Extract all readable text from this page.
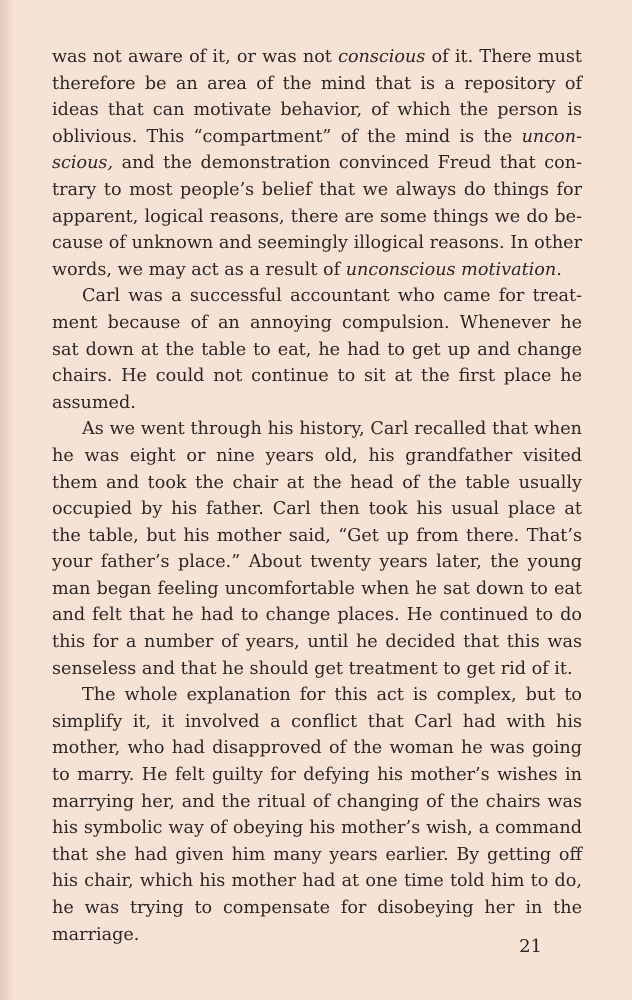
was not aware of it, or was not conscious of it. There must therefore be an area of the mind that is a repository of ideas that can motivate behavior, of which the person is oblivious. This “compartment” of the mind is the unconscious, and the demonstration convinced Freud that contrary to most people’s belief that we always do things for apparent, logical reasons, there are some things we do because of unknown and seemingly illogical reasons. In other words, we may act as a result of unconscious motivation.

Carl was a successful accountant who came for treatment because of an annoying compulsion. Whenever he sat down at the table to eat, he had to get up and change chairs. He could not continue to sit at the first place he assumed.

As we went through his history, Carl recalled that when he was eight or nine years old, his grandfather visited them and took the chair at the head of the table usually occupied by his father. Carl then took his usual place at the table, but his mother said, “Get up from there. That’s your father’s place.” About twenty years later, the young man began feeling uncomfortable when he sat down to eat and felt that he had to change places. He continued to do this for a number of years, until he decided that this was senseless and that he should get treatment to get rid of it.

The whole explanation for this act is complex, but to simplify it, it involved a conflict that Carl had with his mother, who had disapproved of the woman he was going to marry. He felt guilty for defying his mother’s wishes in marrying her, and the ritual of changing of the chairs was his symbolic way of obeying his mother’s wish, a command that she had given him many years earlier. By getting off his chair, which his mother had at one time told him to do, he was trying to compensate for disobeying her in the marriage.

21
